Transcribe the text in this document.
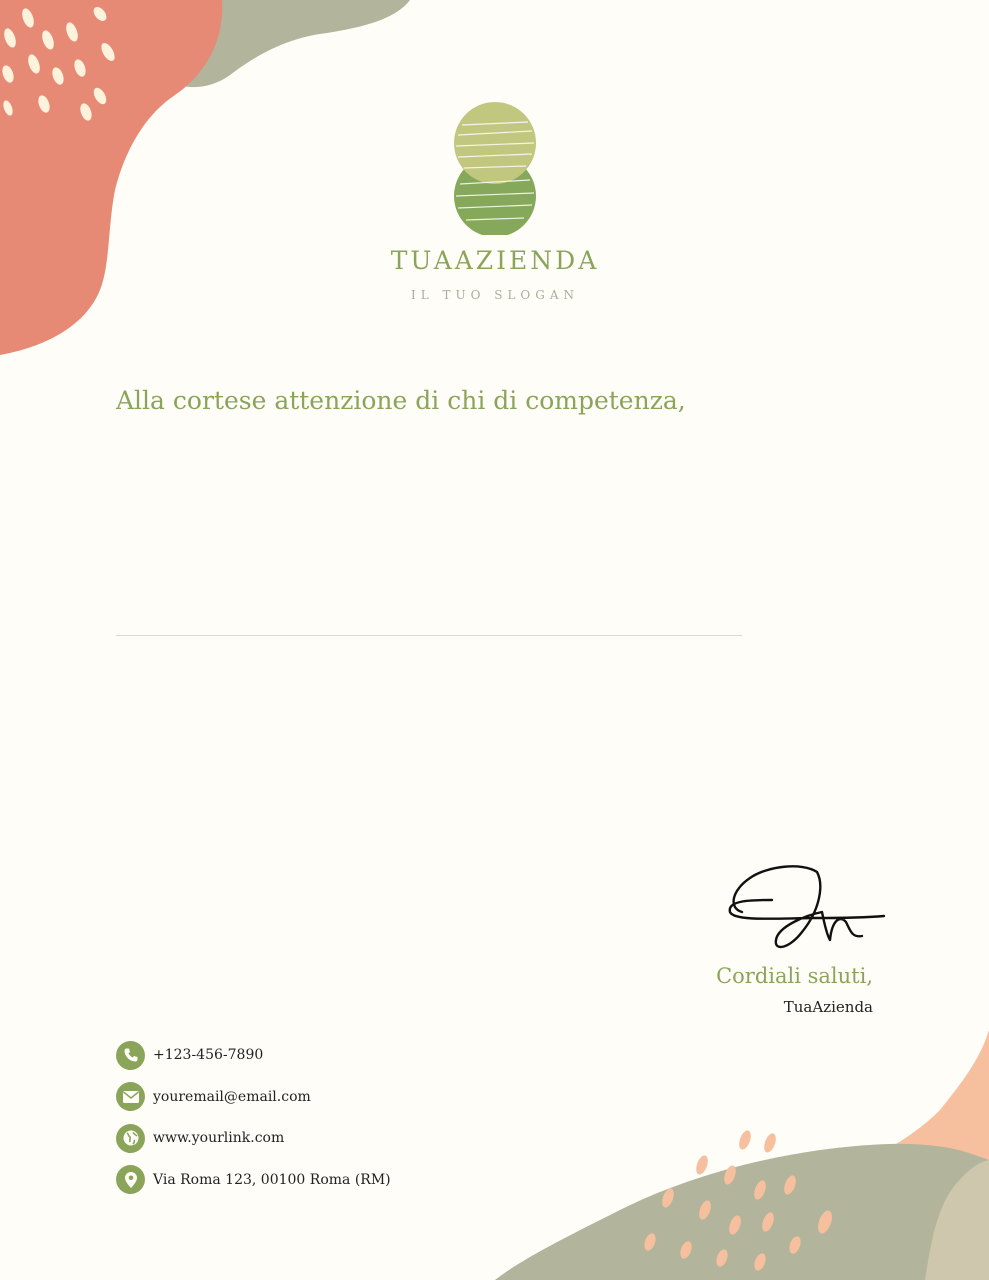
TUAAZIENDA
IL TUO SLOGAN
Alla cortese attenzione di chi di competenza,
Cordiali saluti,
TuaAzienda
+123-456-7890
youremail@email.com
www.yourlink.com
Via Roma 123, 00100 Roma (RM)
